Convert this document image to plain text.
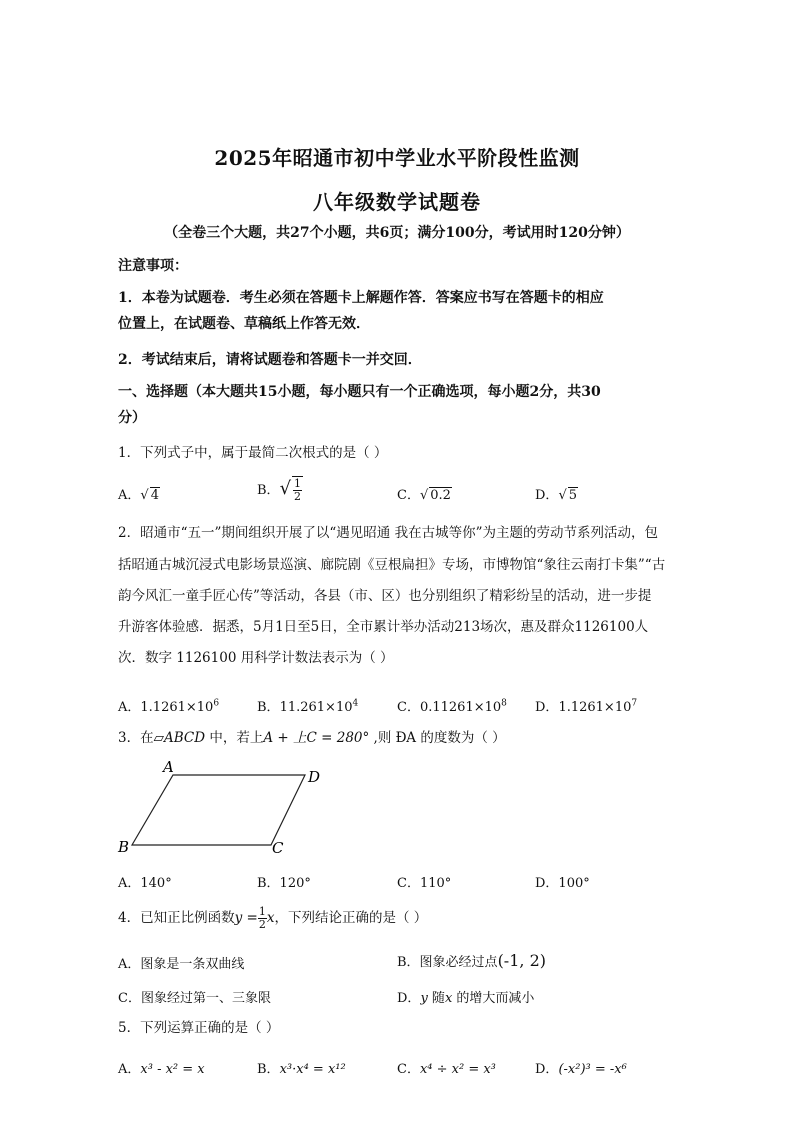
2025年昭通市初中学业水平阶段性监测
八年级数学试题卷
（全卷三个大题，共27个小题，共6页；满分100分，考试用时120分钟）
注意事项：
1．本卷为试题卷．考生必须在答题卡上解题作答．答案应书写在答题卡的相应
位置上，在试题卷、草稿纸上作答无效．
2．考试结束后，请将试题卷和答题卡一并交回．
一、选择题（本大题共15小题，每小题只有一个正确选项，每小题2分，共30
分）
1．下列式子中，属于最简二次根式的是（ ）
A．√ 4	B．√ $\frac{1}{2}$	C．√ 0.2	D．√ 5
2．昭通市“五一”期间组织开展了以“遇见昭通 我在古城等你”为主题的劳动节系列活动，包
括昭通古城沉浸式电影场景巡演、廊院剧《豆根扁担》专场，市博物馆“象往云南打卡集”“古
韵今风汇一童手匠心传”等活动，各县（市、区）也分别组织了精彩纷呈的活动，进一步提
升游客体验感．据悉，5月1日至5日，全市累计举办活动213场次，惠及群众1126100人
次．数字 1126100 用科学计数法表示为（ ）
A．$1.1261\times 10^6$	B．$11.261\times 10^4$	C．$0.11261\times 10^8$ D．$1.1261\times 10^7$
3．在▱ABCD 中，若上A + 上C = 280° ,则 ÐA 的度数为（ ）
A
D
B	C
A．140°	B．120°	C．110°	D．100°
4．已知正比例函数$y = \frac{1}{2}$ x，下列结论正确的是（ ）
A．图象是一条双曲线	B．图象必经过点(-1, 2)
C．图象经过第一、三象限	D．y 随x 的增大而减小
5．下列运算正确的是（ ）
A．x³ - x² = x	B．x³·x⁴ = x¹²	C．x⁴ ÷ x² = x³	D．(-x²)³ = -x⁶
